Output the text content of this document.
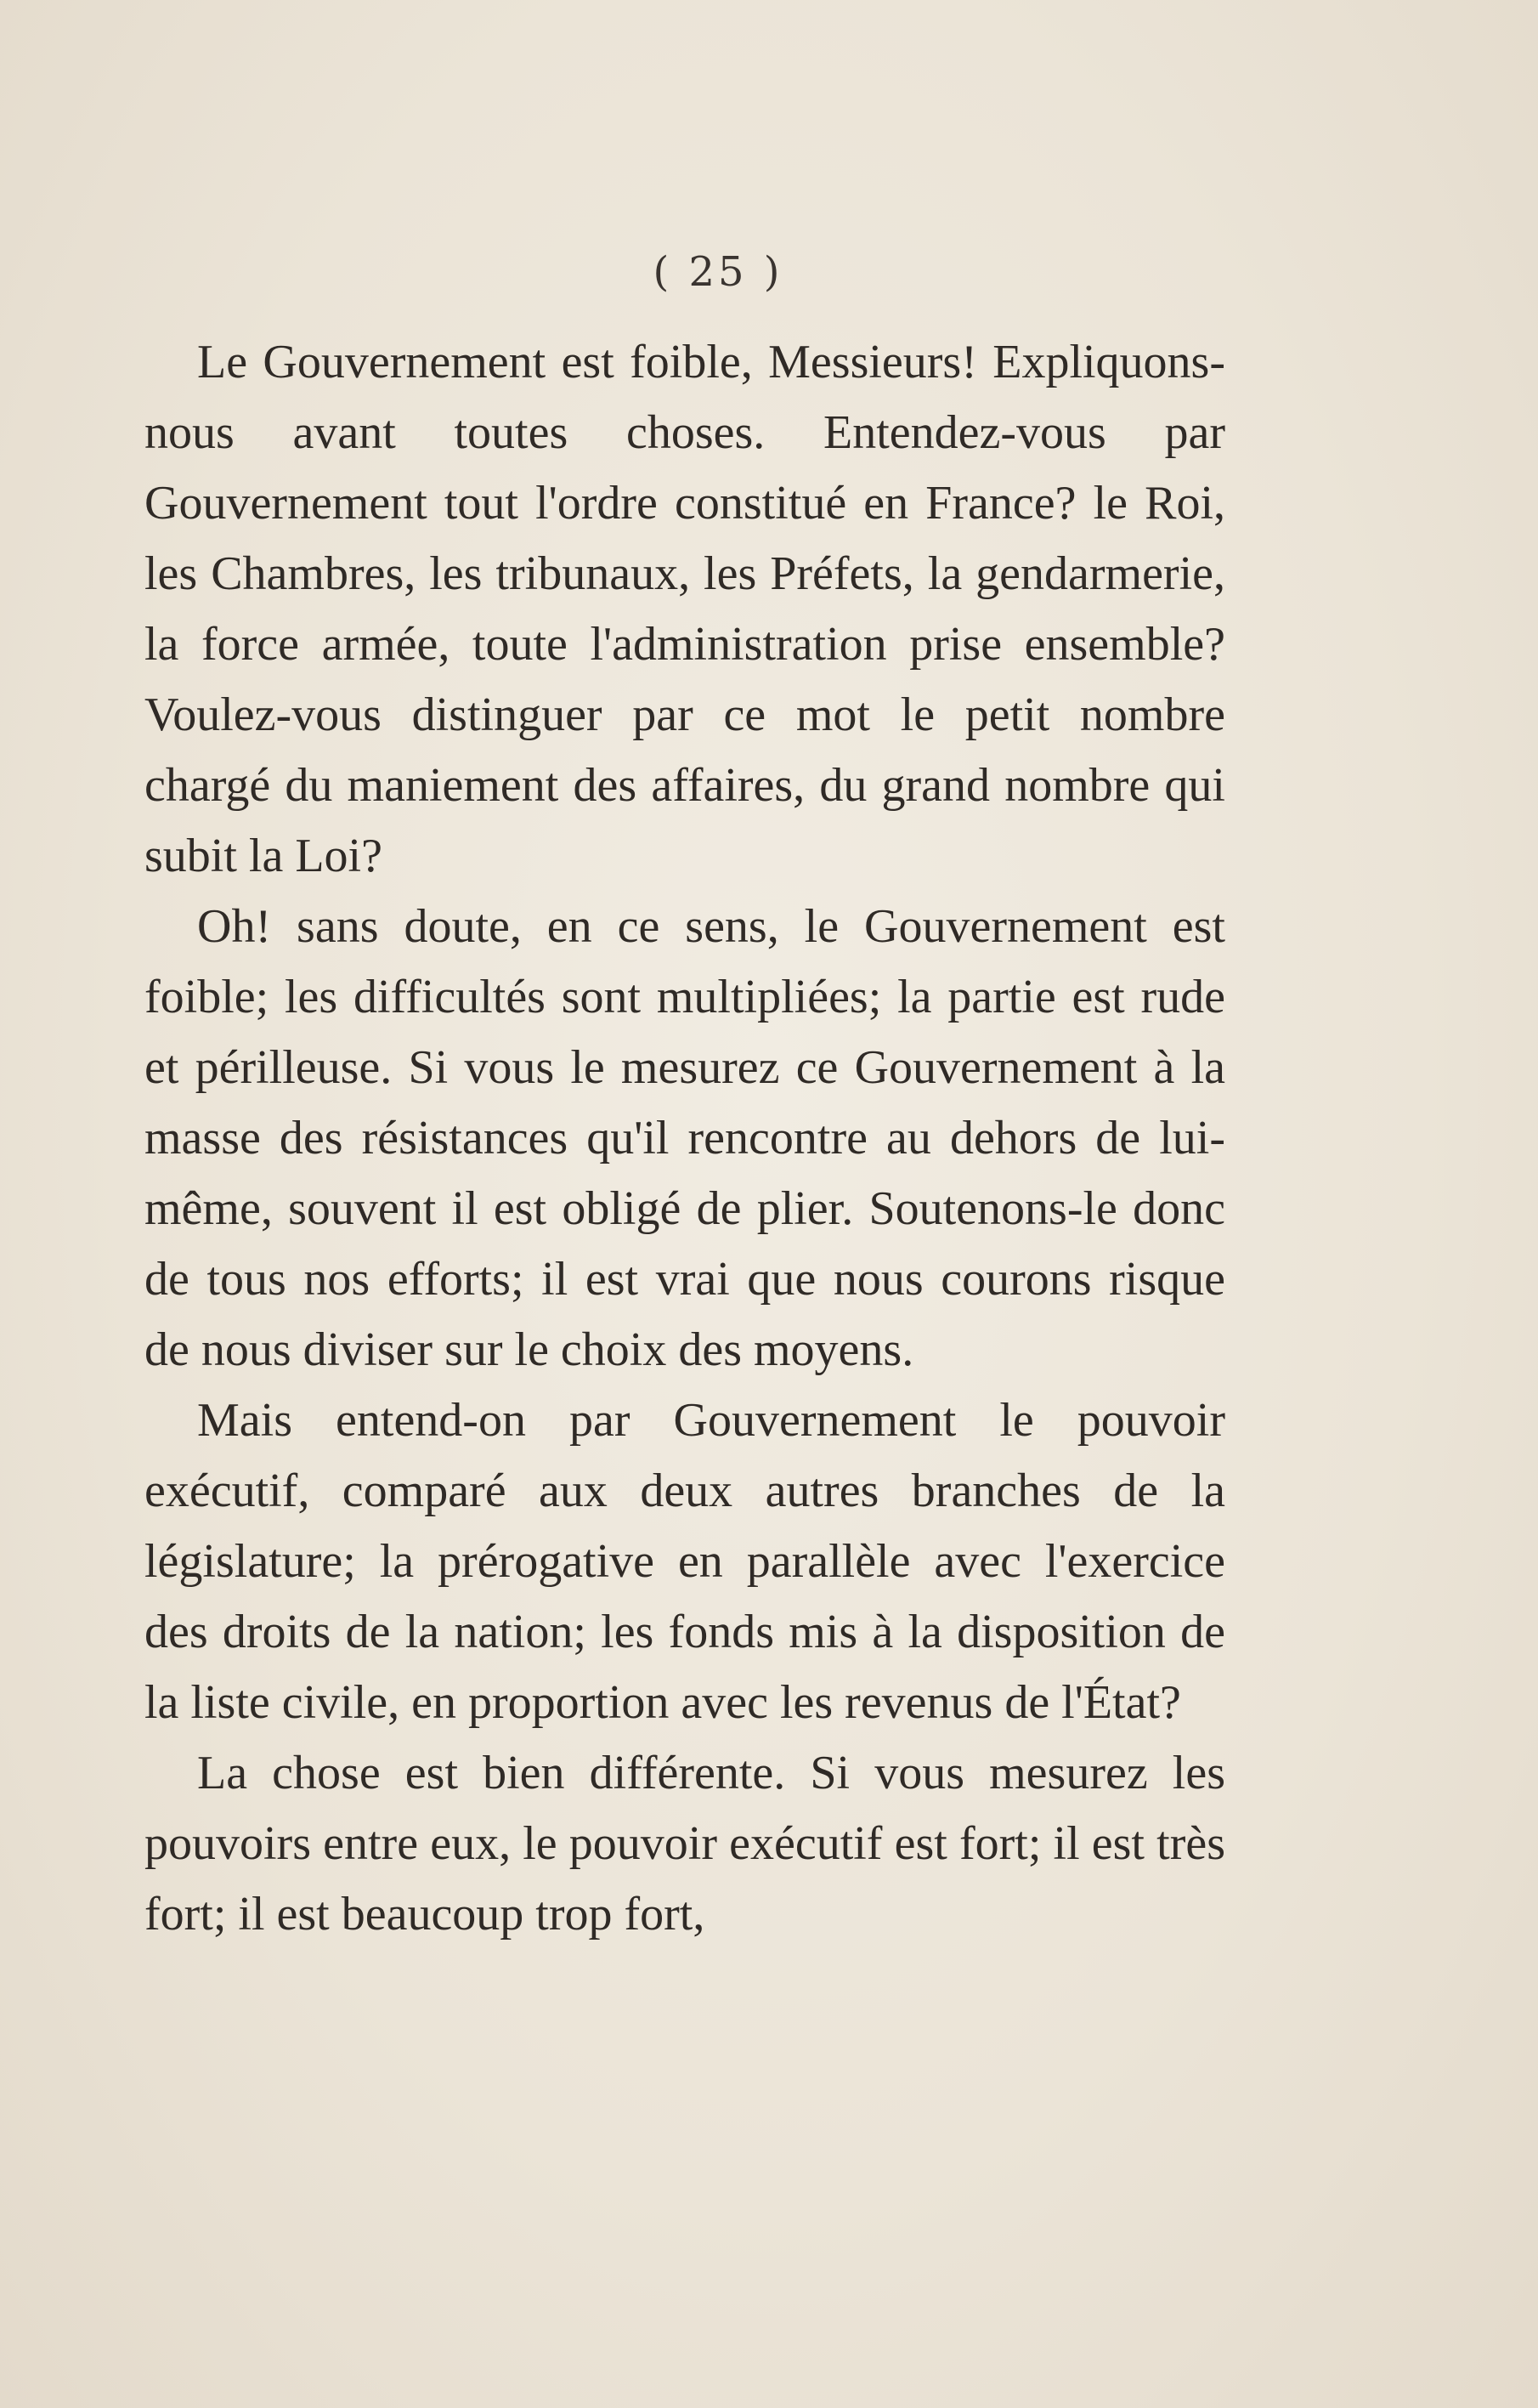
( 25 )

Le Gouvernement est foible, Messieurs! Expliquons-nous avant toutes choses. Entendez-vous par Gouvernement tout l'ordre constitué en France? le Roi, les Chambres, les tribunaux, les Préfets, la gendarmerie, la force armée, toute l'administration prise ensemble? Voulez-vous distinguer par ce mot le petit nombre chargé du maniement des affaires, du grand nombre qui subit la Loi?

Oh! sans doute, en ce sens, le Gouvernement est foible; les difficultés sont multipliées; la partie est rude et périlleuse. Si vous le mesurez ce Gouvernement à la masse des résistances qu'il rencontre au dehors de lui-même, souvent il est obligé de plier. Soutenons-le donc de tous nos efforts; il est vrai que nous courons risque de nous diviser sur le choix des moyens.

Mais entend-on par Gouvernement le pouvoir exécutif, comparé aux deux autres branches de la législature; la prérogative en parallèle avec l'exercice des droits de la nation; les fonds mis à la disposition de la liste civile, en proportion avec les revenus de l'État?

La chose est bien différente. Si vous mesurez les pouvoirs entre eux, le pouvoir exécutif est fort; il est très fort; il est beaucoup trop fort,
